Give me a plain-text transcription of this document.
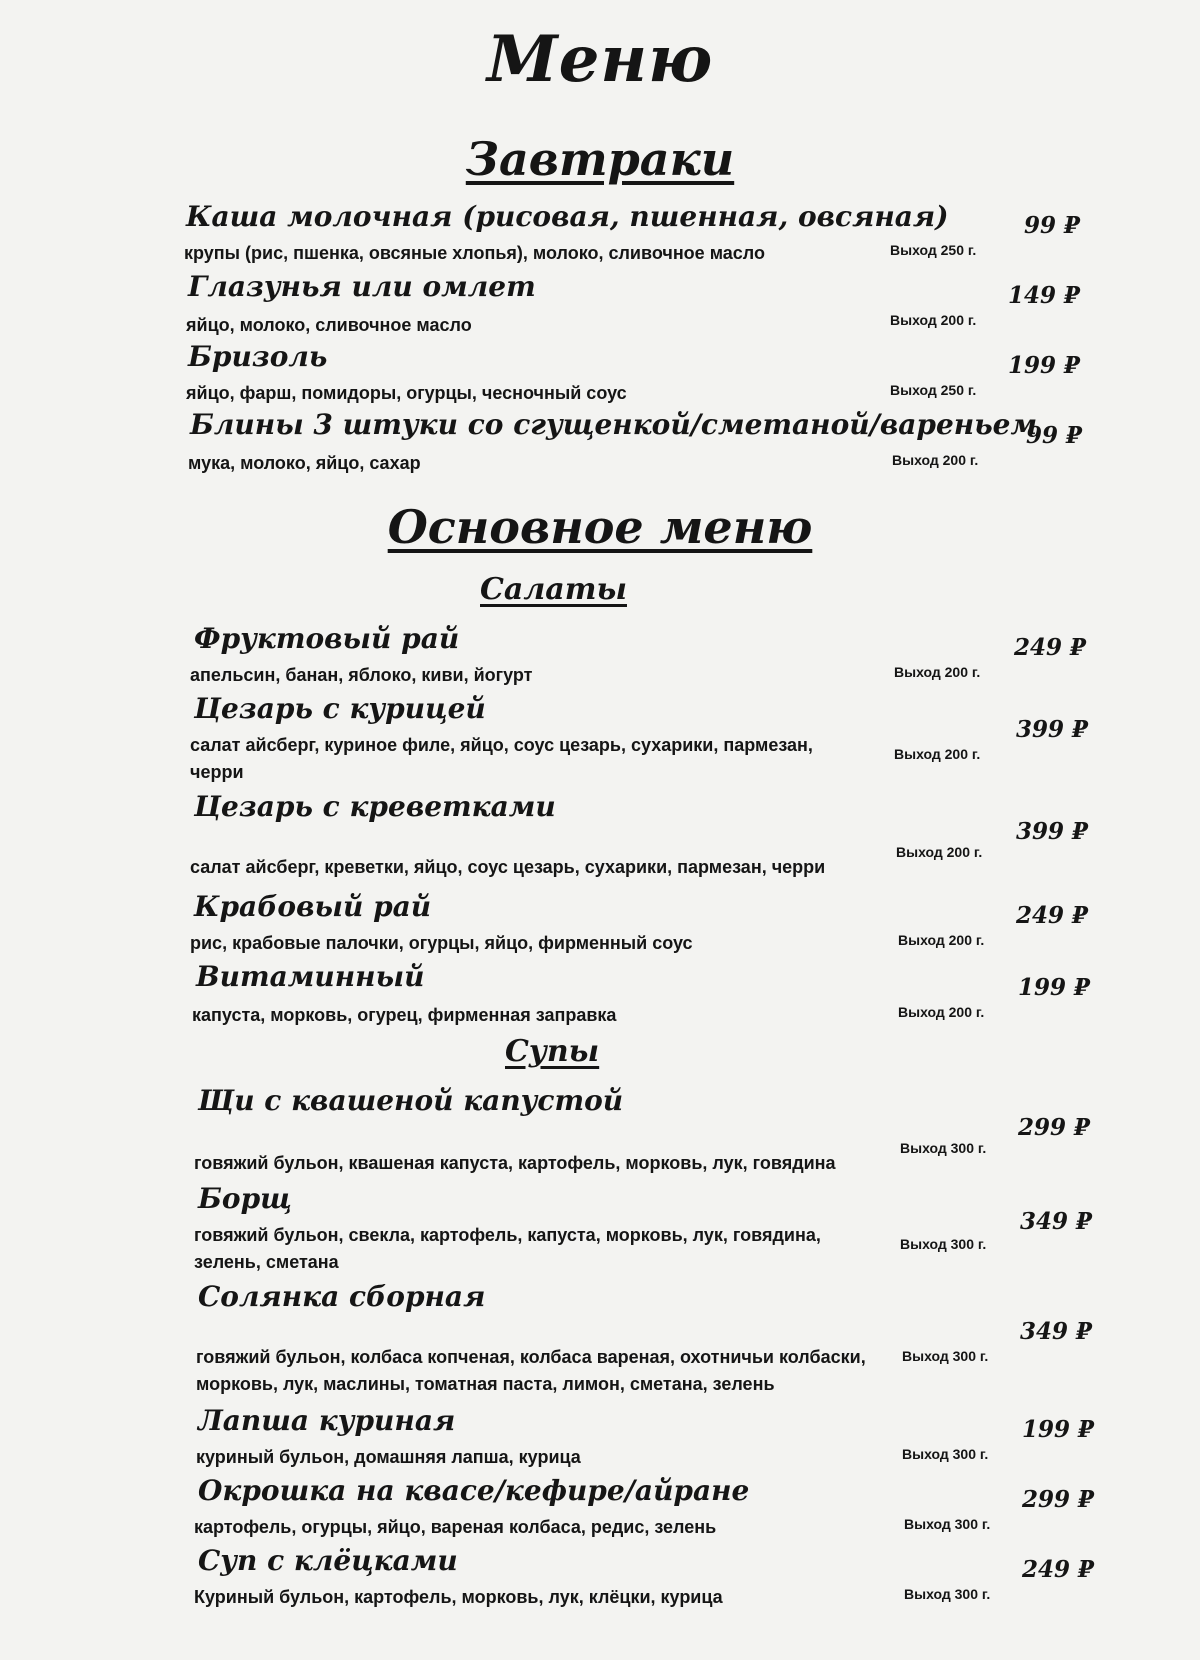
Меню
Завтраки
Каша молочная (рисовая, пшенная, овсяная)
крупы (рис, пшенка, овсяные хлопья), молоко, сливочное масло	Выход 250 г.
99 ₽
Глазунья или омлет
яйцо, молоко, сливочное масло	Выход 200 г.
149 ₽
Бризоль
яйцо, фарш, помидоры, огурцы, чесночный соус	Выход 250 г.
199 ₽
Блины 3 штуки со сгущенкой/сметаной/вареньем
мука, молоко, яйцо, сахар	Выход 200 г.
99 ₽
Основное меню
Салаты
Фруктовый рай
апельсин, банан, яблоко, киви, йогурт	Выход 200 г.
249 ₽
Цезарь с курицей
салат айсберг, куриное филе, яйцо, соус цезарь, сухарики, пармезан, черри
Выход 200 г.
399 ₽
Цезарь с креветками
салат айсберг, креветки, яйцо, соус цезарь, сухарики, пармезан, черри
Выход 200 г.
399 ₽
Крабовый рай
рис, крабовые палочки, огурцы, яйцо, фирменный соус	Выход 200 г.
249 ₽
Витаминный
капуста, морковь, огурец, фирменная заправка	Выход 200 г.
199 ₽
Супы
Щи с квашеной капустой
говяжий бульон, квашеная капуста, картофель, морковь, лук, говядина
Выход 300 г.
299 ₽
Борщ
говяжий бульон, свекла, картофель, капуста, морковь, лук, говядина, зелень, сметана
Выход 300 г.
349 ₽
Солянка сборная
говяжий бульон, колбаса копченая, колбаса вареная, охотничьи колбаски, морковь, лук, маслины, томатная паста, лимон, сметана, зелень
Выход 300 г.
349 ₽
Лапша куриная
куриный бульон, домашняя лапша, курица	Выход 300 г.
199 ₽
Окрошка на квасе/кефире/айране
картофель, огурцы, яйцо, вареная колбаса, редис, зелень	Выход 300 г.
299 ₽
Суп с клёцками
Куриный бульон, картофель, морковь, лук, клёцки, курица	Выход 300 г.
249 ₽
